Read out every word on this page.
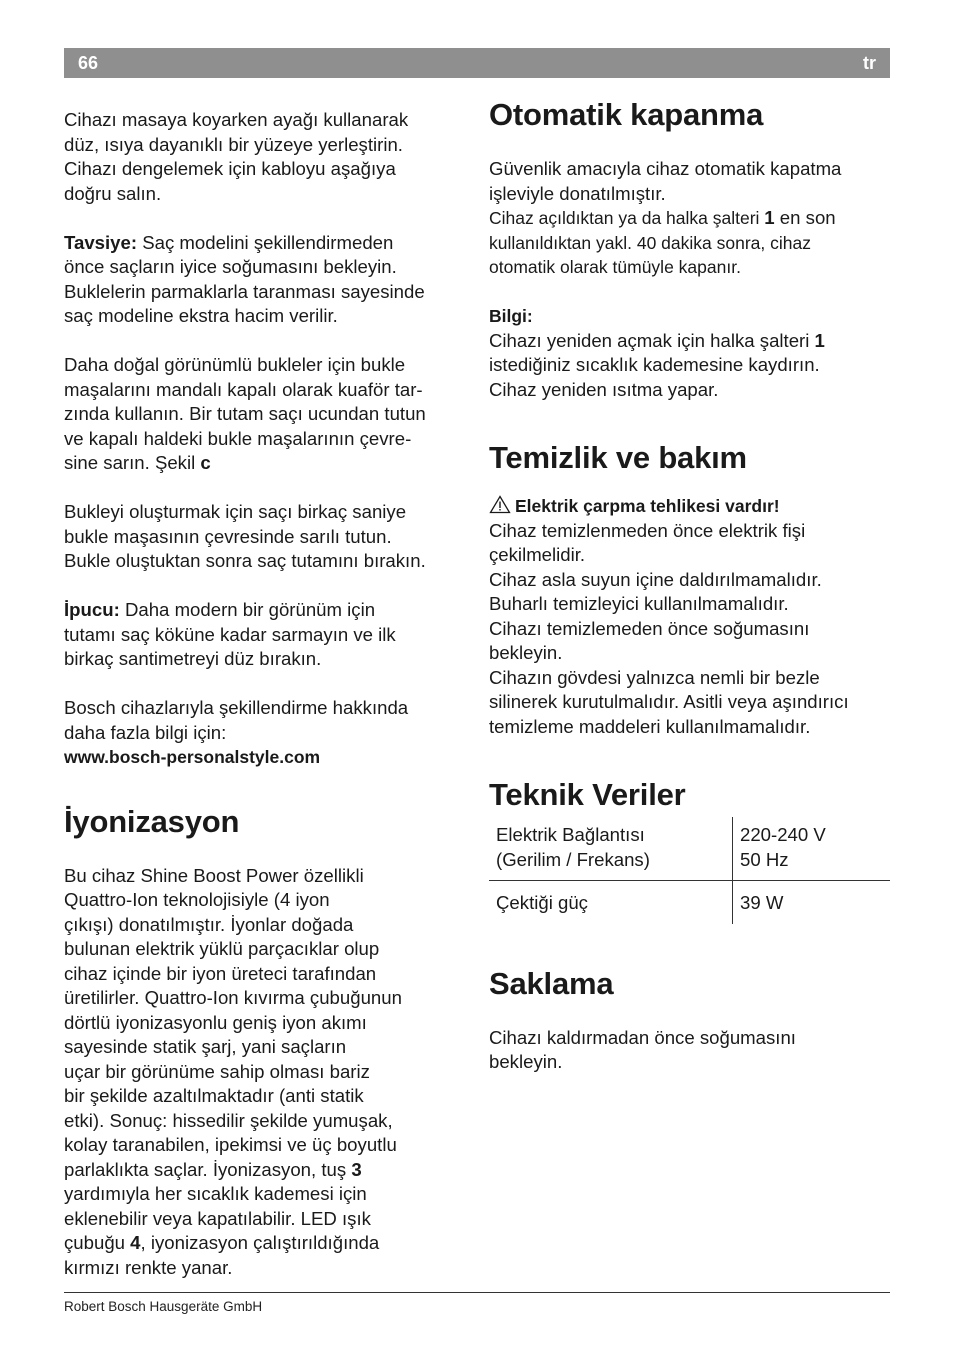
66	tr

Cihazı masaya koyarken ayağı kullanarak
düz, ısıya dayanıklı bir yüzeye yerleştirin.
Cihazı dengelemek için kabloyu aşağıya
doğru salın.

Tavsiye: Saç modelini şekillendirmeden
önce saçların iyice soğumasını bekleyin.
Buklelerin parmaklarla taranması sayesinde
saç modeline ekstra hacim verilir.

Daha doğal görünümlü bukleler için bukle
maşalarını mandalı kapalı olarak kuaför tar-
zında kullanın. Bir tutam saçı ucundan tutun
ve kapalı haldeki bukle maşalarının çevre-
sine sarın. Şekil c

Bukleyi oluşturmak için saçı birkaç saniye
bukle maşasının çevresinde sarılı tutun.
Bukle oluştuktan sonra saç tutamını bırakın.

İpucu: Daha modern bir görünüm için
tutamı saç köküne kadar sarmayın ve ilk
birkaç santimetreyi düz bırakın.

Bosch cihazlarıyla şekillendirme hakkında
daha fazla bilgi için:
www.bosch-personalstyle.com

İyonizasyon

Bu cihaz Shine Boost Power özellikli
Quattro-Ion teknolojisiyle (4 iyon
çıkışı) donatılmıştır. İyonlar doğada
bulunan elektrik yüklü parçacıklar olup
cihaz içinde bir iyon üreteci tarafından
üretilirler. Quattro-Ion kıvırma çubuğunun
dörtlü iyonizasyonlu geniş iyon akımı
sayesinde statik şarj, yani saçların
uçar bir görünüme sahip olması bariz
bir şekilde azaltılmaktadır (anti statik
etki). Sonuç: hissedilir şekilde yumuşak,
kolay taranabilen, ipekimsi ve üç boyutlu
parlaklıkta saçlar. İyonizasyon, tuş 3
yardımıyla her sıcaklık kademesi için
eklenebilir veya kapatılabilir. LED ışık
çubuğu 4, iyonizasyon çalıştırıldığında
kırmızı renkte yanar.

Otomatik kapanma

Güvenlik amacıyla cihaz otomatik kapatma
işleviyle donatılmıştır.
Cihaz açıldıktan ya da halka şalteri 1 en son
kullanıldıktan yakl. 40 dakika sonra, cihaz
otomatik olarak tümüyle kapanır.

Bilgi:
Cihazı yeniden açmak için halka şalteri 1
istediğiniz sıcaklık kademesine kaydırın.
Cihaz yeniden ısıtma yapar.

Temizlik ve bakım

Elektrik çarpma tehlikesi vardır!
Cihaz temizlenmeden önce elektrik fişi
çekilmelidir.
Cihaz asla suyun içine daldırılmamalıdır.
Buharlı temizleyici kullanılmamalıdır.
Cihazı temizlemeden önce soğumasını
bekleyin.
Cihazın gövdesi yalnızca nemli bir bezle
silinerek kurutulmalıdır. Asitli veya aşındırıcı
temizleme maddeleri kullanılmamalıdır.

Teknik Veriler
Elektrik Bağlantısı
(Gerilim / Frekans)	220-240 V
50 Hz
Çektiği güç	39 W
Saklama

Cihazı kaldırmadan önce soğumasını
bekleyin.

Robert Bosch Hausgeräte GmbH
